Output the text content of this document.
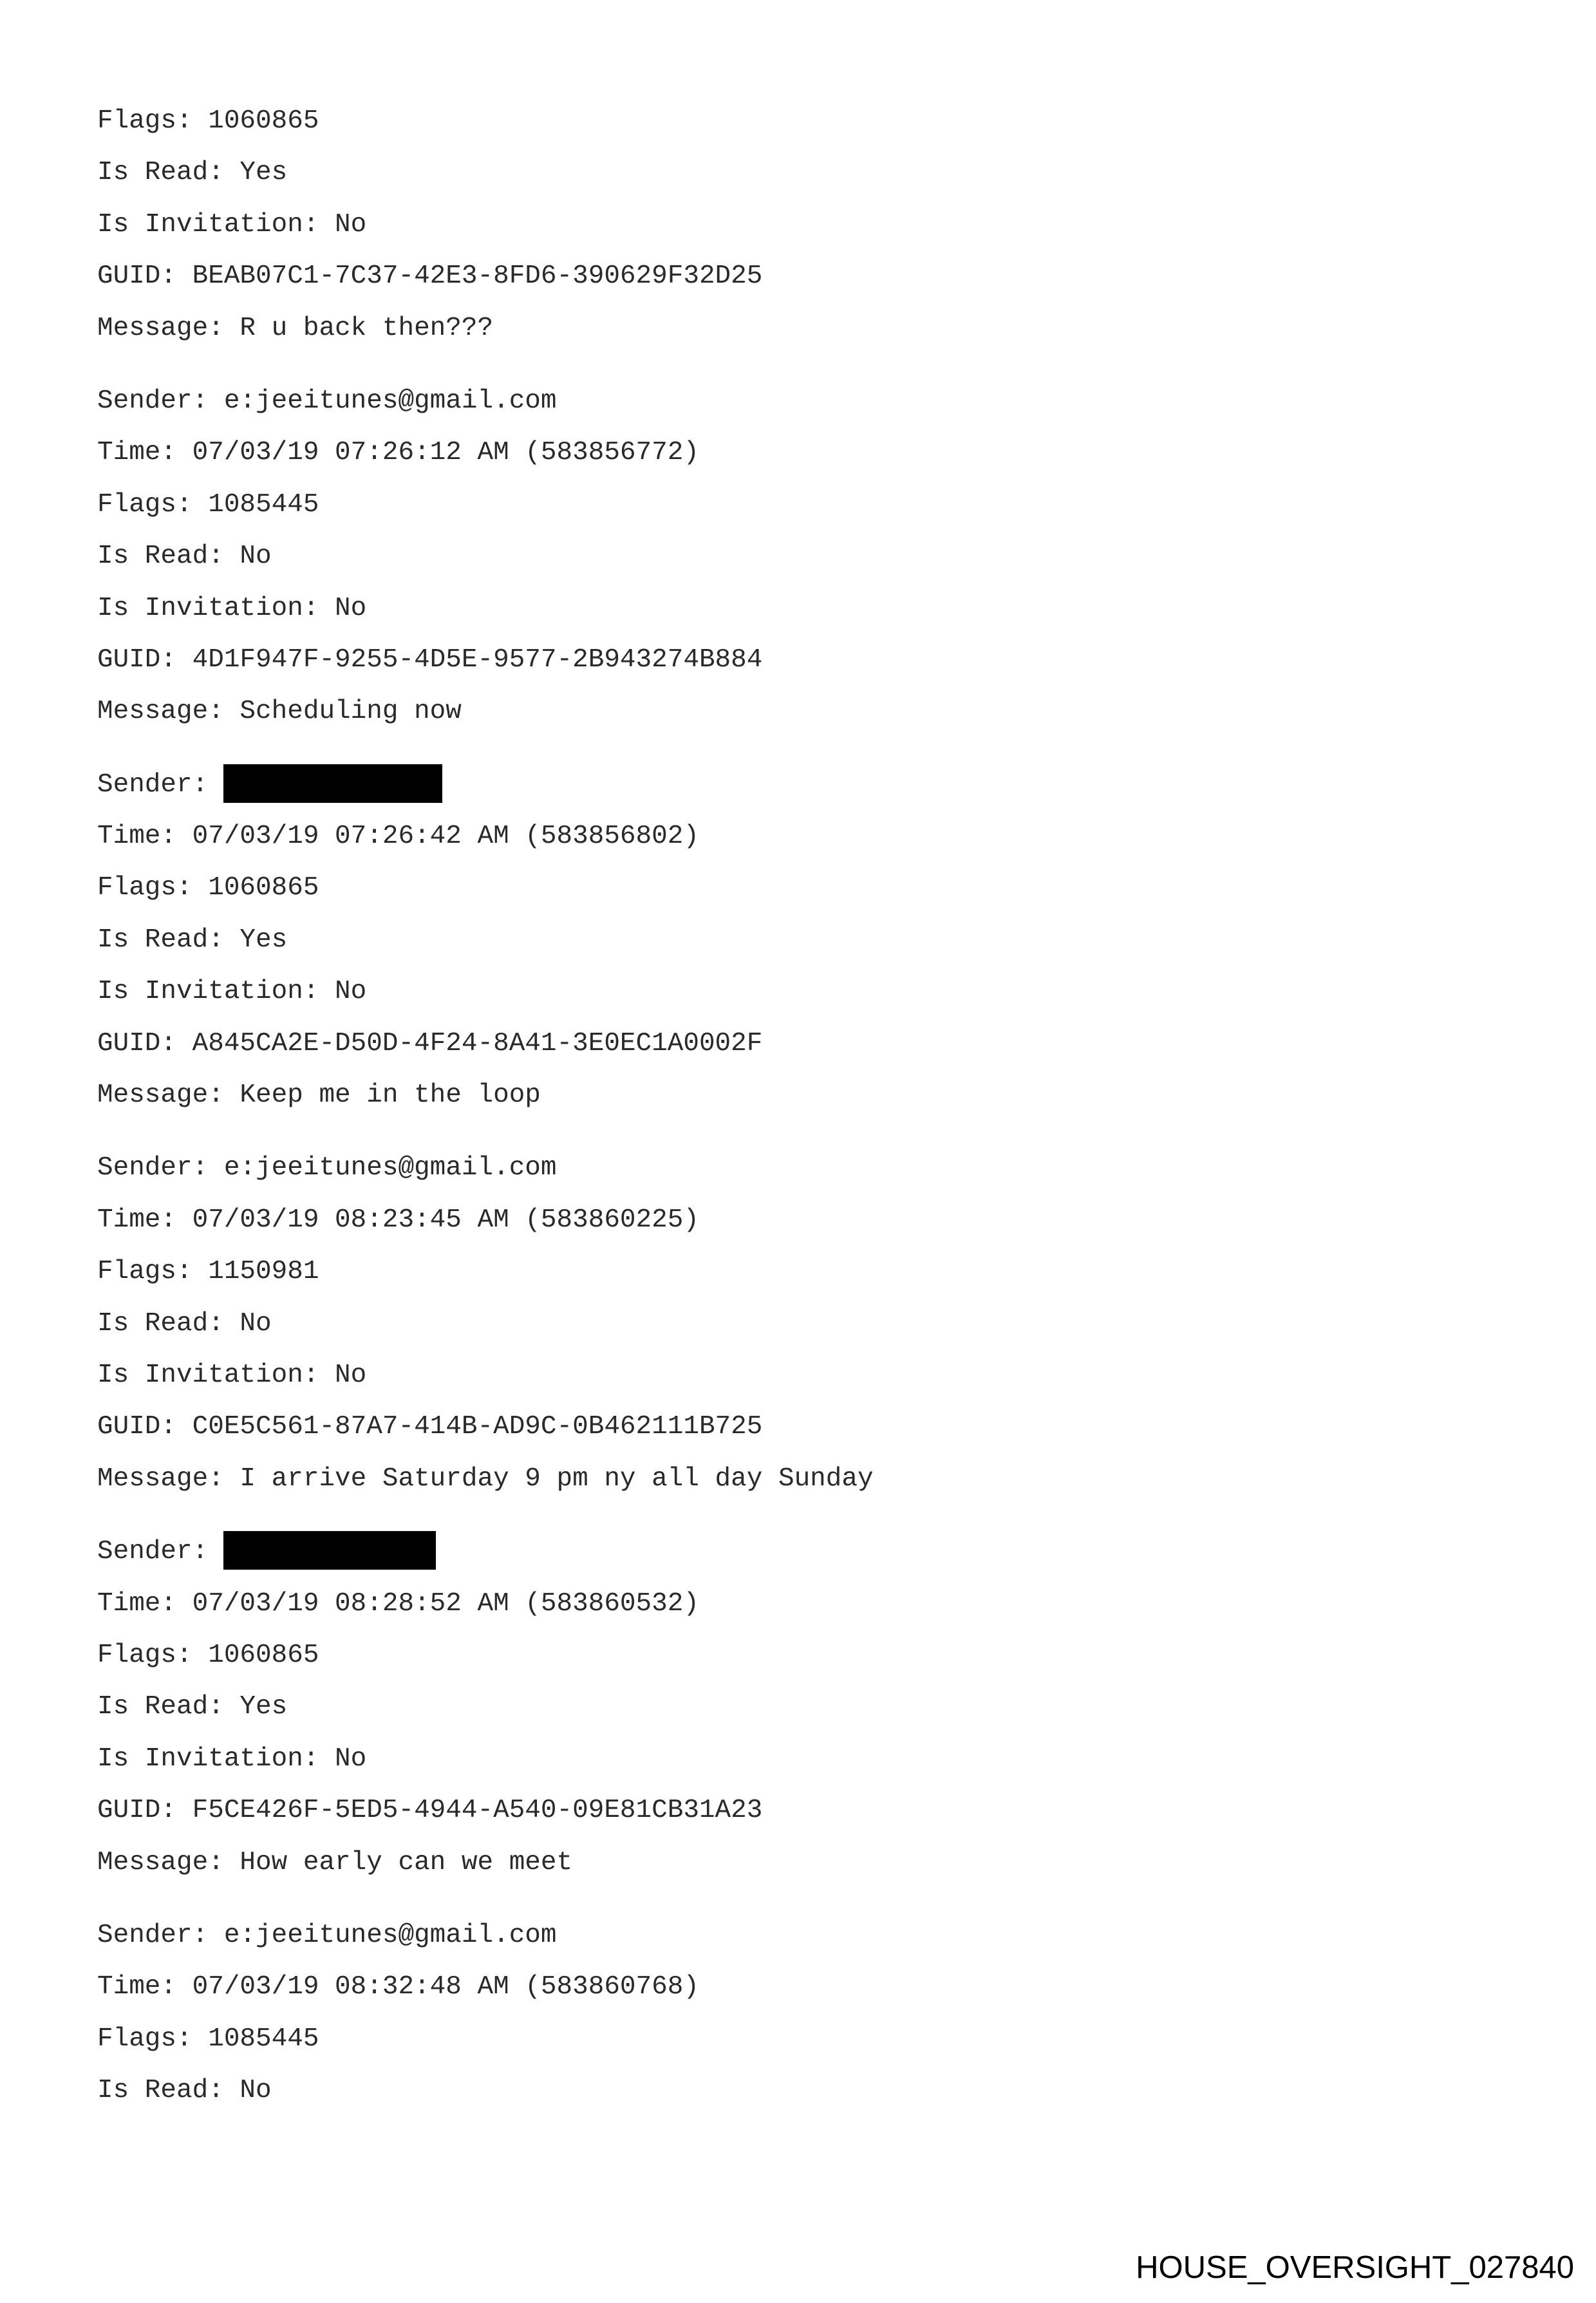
Flags: 1060865
Is Read: Yes
Is Invitation: No
GUID: BEAB07C1-7C37-42E3-8FD6-390629F32D25
Message: R u back then???
Sender: e:jeeitunes@gmail.com
Time: 07/03/19 07:26:12 AM (583856772)
Flags: 1085445
Is Read: No
Is Invitation: No
GUID: 4D1F947F-9255-4D5E-9577-2B943274B884
Message: Scheduling now
Sender:
Time: 07/03/19 07:26:42 AM (583856802)
Flags: 1060865
Is Read: Yes
Is Invitation: No
GUID: A845CA2E-D50D-4F24-8A41-3E0EC1A0002F
Message: Keep me in the loop
Sender: e:jeeitunes@gmail.com
Time: 07/03/19 08:23:45 AM (583860225)
Flags: 1150981
Is Read: No
Is Invitation: No
GUID: C0E5C561-87A7-414B-AD9C-0B462111B725
Message: I arrive Saturday 9 pm ny all day Sunday
Sender:
Time: 07/03/19 08:28:52 AM (583860532)
Flags: 1060865
Is Read: Yes
Is Invitation: No
GUID: F5CE426F-5ED5-4944-A540-09E81CB31A23
Message: How early can we meet
Sender: e:jeeitunes@gmail.com
Time: 07/03/19 08:32:48 AM (583860768)
Flags: 1085445
Is Read: No
HOUSE_OVERSIGHT_027840
